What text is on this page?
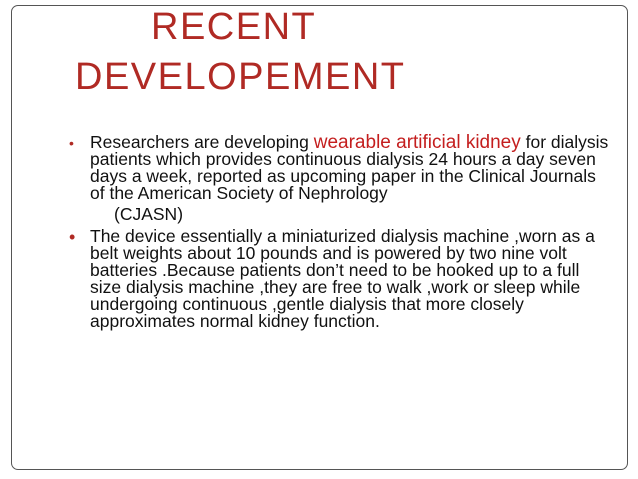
RECENT
DEVELOPEMENT
• Researchers are developing wearable artificial kidney for dialysis patients which provides continuous dialysis 24 hours a day seven days a week, reported as upcoming paper in the Clinical Journals of the American Society of Nephrology
(CJASN)
• The device essentially a miniaturized dialysis machine ,worn as a belt weights about 10 pounds and is powered by two nine volt batteries .Because patients don’t need to be hooked up to a full size dialysis machine ,they are free to walk ,work or sleep while undergoing continuous ,gentle dialysis that more closely approximates normal kidney function.
